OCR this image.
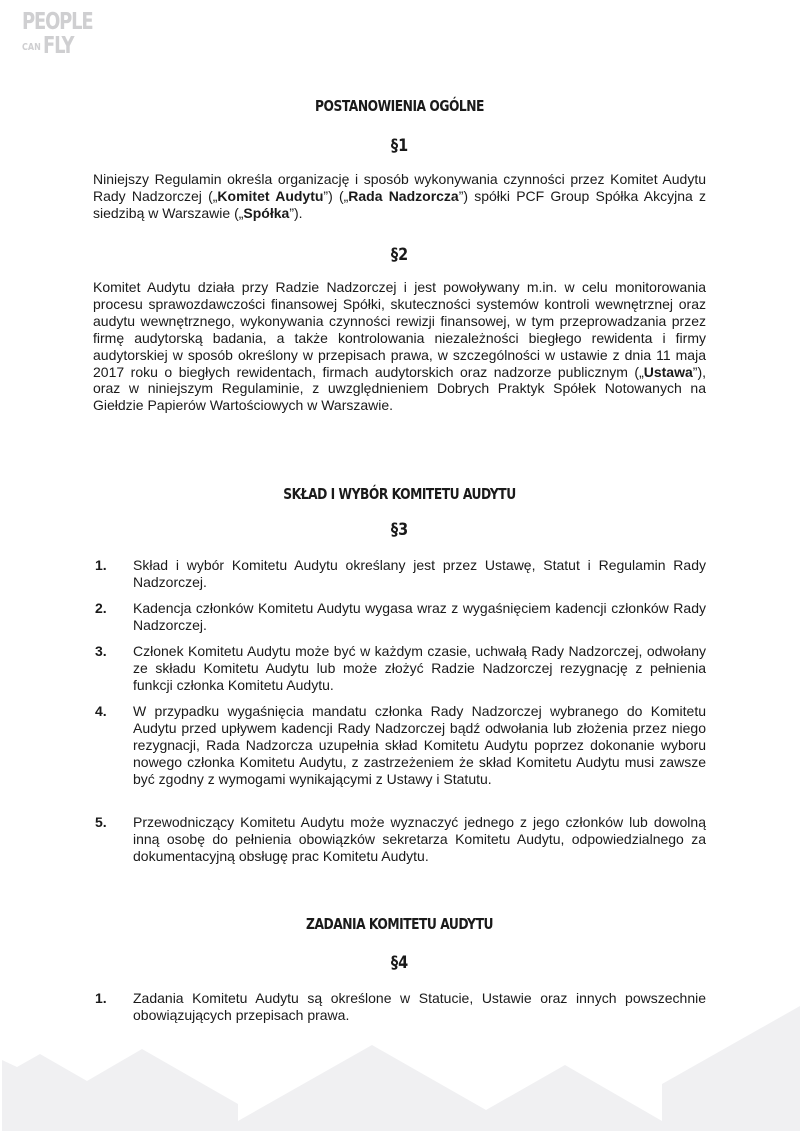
PEOPLE
CAN FLY
POSTANOWIENIA OGÓLNE
§1
Niniejszy Regulamin określa organizację i sposób wykonywania czynności przez Komitet Audytu Rady Nadzorczej („Komitet Audytu”) („Rada Nadzorcza”) spółki PCF Group Spółka Akcyjna z siedzibą w Warszawie („Spółka”).
§2
Komitet Audytu działa przy Radzie Nadzorczej i jest powoływany m.in. w celu monitorowania procesu sprawozdawczości finansowej Spółki, skuteczności systemów kontroli wewnętrznej oraz audytu wewnętrznego, wykonywania czynności rewizji finansowej, w tym przeprowadzania przez firmę audytorską badania, a także kontrolowania niezależności biegłego rewidenta i firmy audytorskiej w sposób określony w przepisach prawa, w szczególności w ustawie z dnia 11 maja 2017 roku o biegłych rewidentach, firmach audytorskich oraz nadzorze publicznym („Ustawa”), oraz w niniejszym Regulaminie, z uwzględnieniem Dobrych Praktyk Spółek Notowanych na Giełdzie Papierów Wartościowych w Warszawie.
SKŁAD I WYBÓR KOMITETU AUDYTU
§3
1. Skład i wybór Komitetu Audytu określany jest przez Ustawę, Statut i Regulamin Rady Nadzorczej.
2. Kadencja członków Komitetu Audytu wygasa wraz z wygaśnięciem kadencji członków Rady Nadzorczej.
3. Członek Komitetu Audytu może być w każdym czasie, uchwałą Rady Nadzorczej, odwołany ze składu Komitetu Audytu lub może złożyć Radzie Nadzorczej rezygnację z pełnienia funkcji członka Komitetu Audytu.
4. W przypadku wygaśnięcia mandatu członka Rady Nadzorczej wybranego do Komitetu Audytu przed upływem kadencji Rady Nadzorczej bądź odwołania lub złożenia przez niego rezygnacji, Rada Nadzorcza uzupełnia skład Komitetu Audytu poprzez dokonanie wyboru nowego członka Komitetu Audytu, z zastrzeżeniem że skład Komitetu Audytu musi zawsze być zgodny z wymogami wynikającymi z Ustawy i Statutu.
5. Przewodniczący Komitetu Audytu może wyznaczyć jednego z jego członków lub dowolną inną osobę do pełnienia obowiązków sekretarza Komitetu Audytu, odpowiedzialnego za dokumentacyjną obsługę prac Komitetu Audytu.
ZADANIA KOMITETU AUDYTU
§4
1. Zadania Komitetu Audytu są określone w Statucie, Ustawie oraz innych powszechnie obowiązujących przepisach prawa.
